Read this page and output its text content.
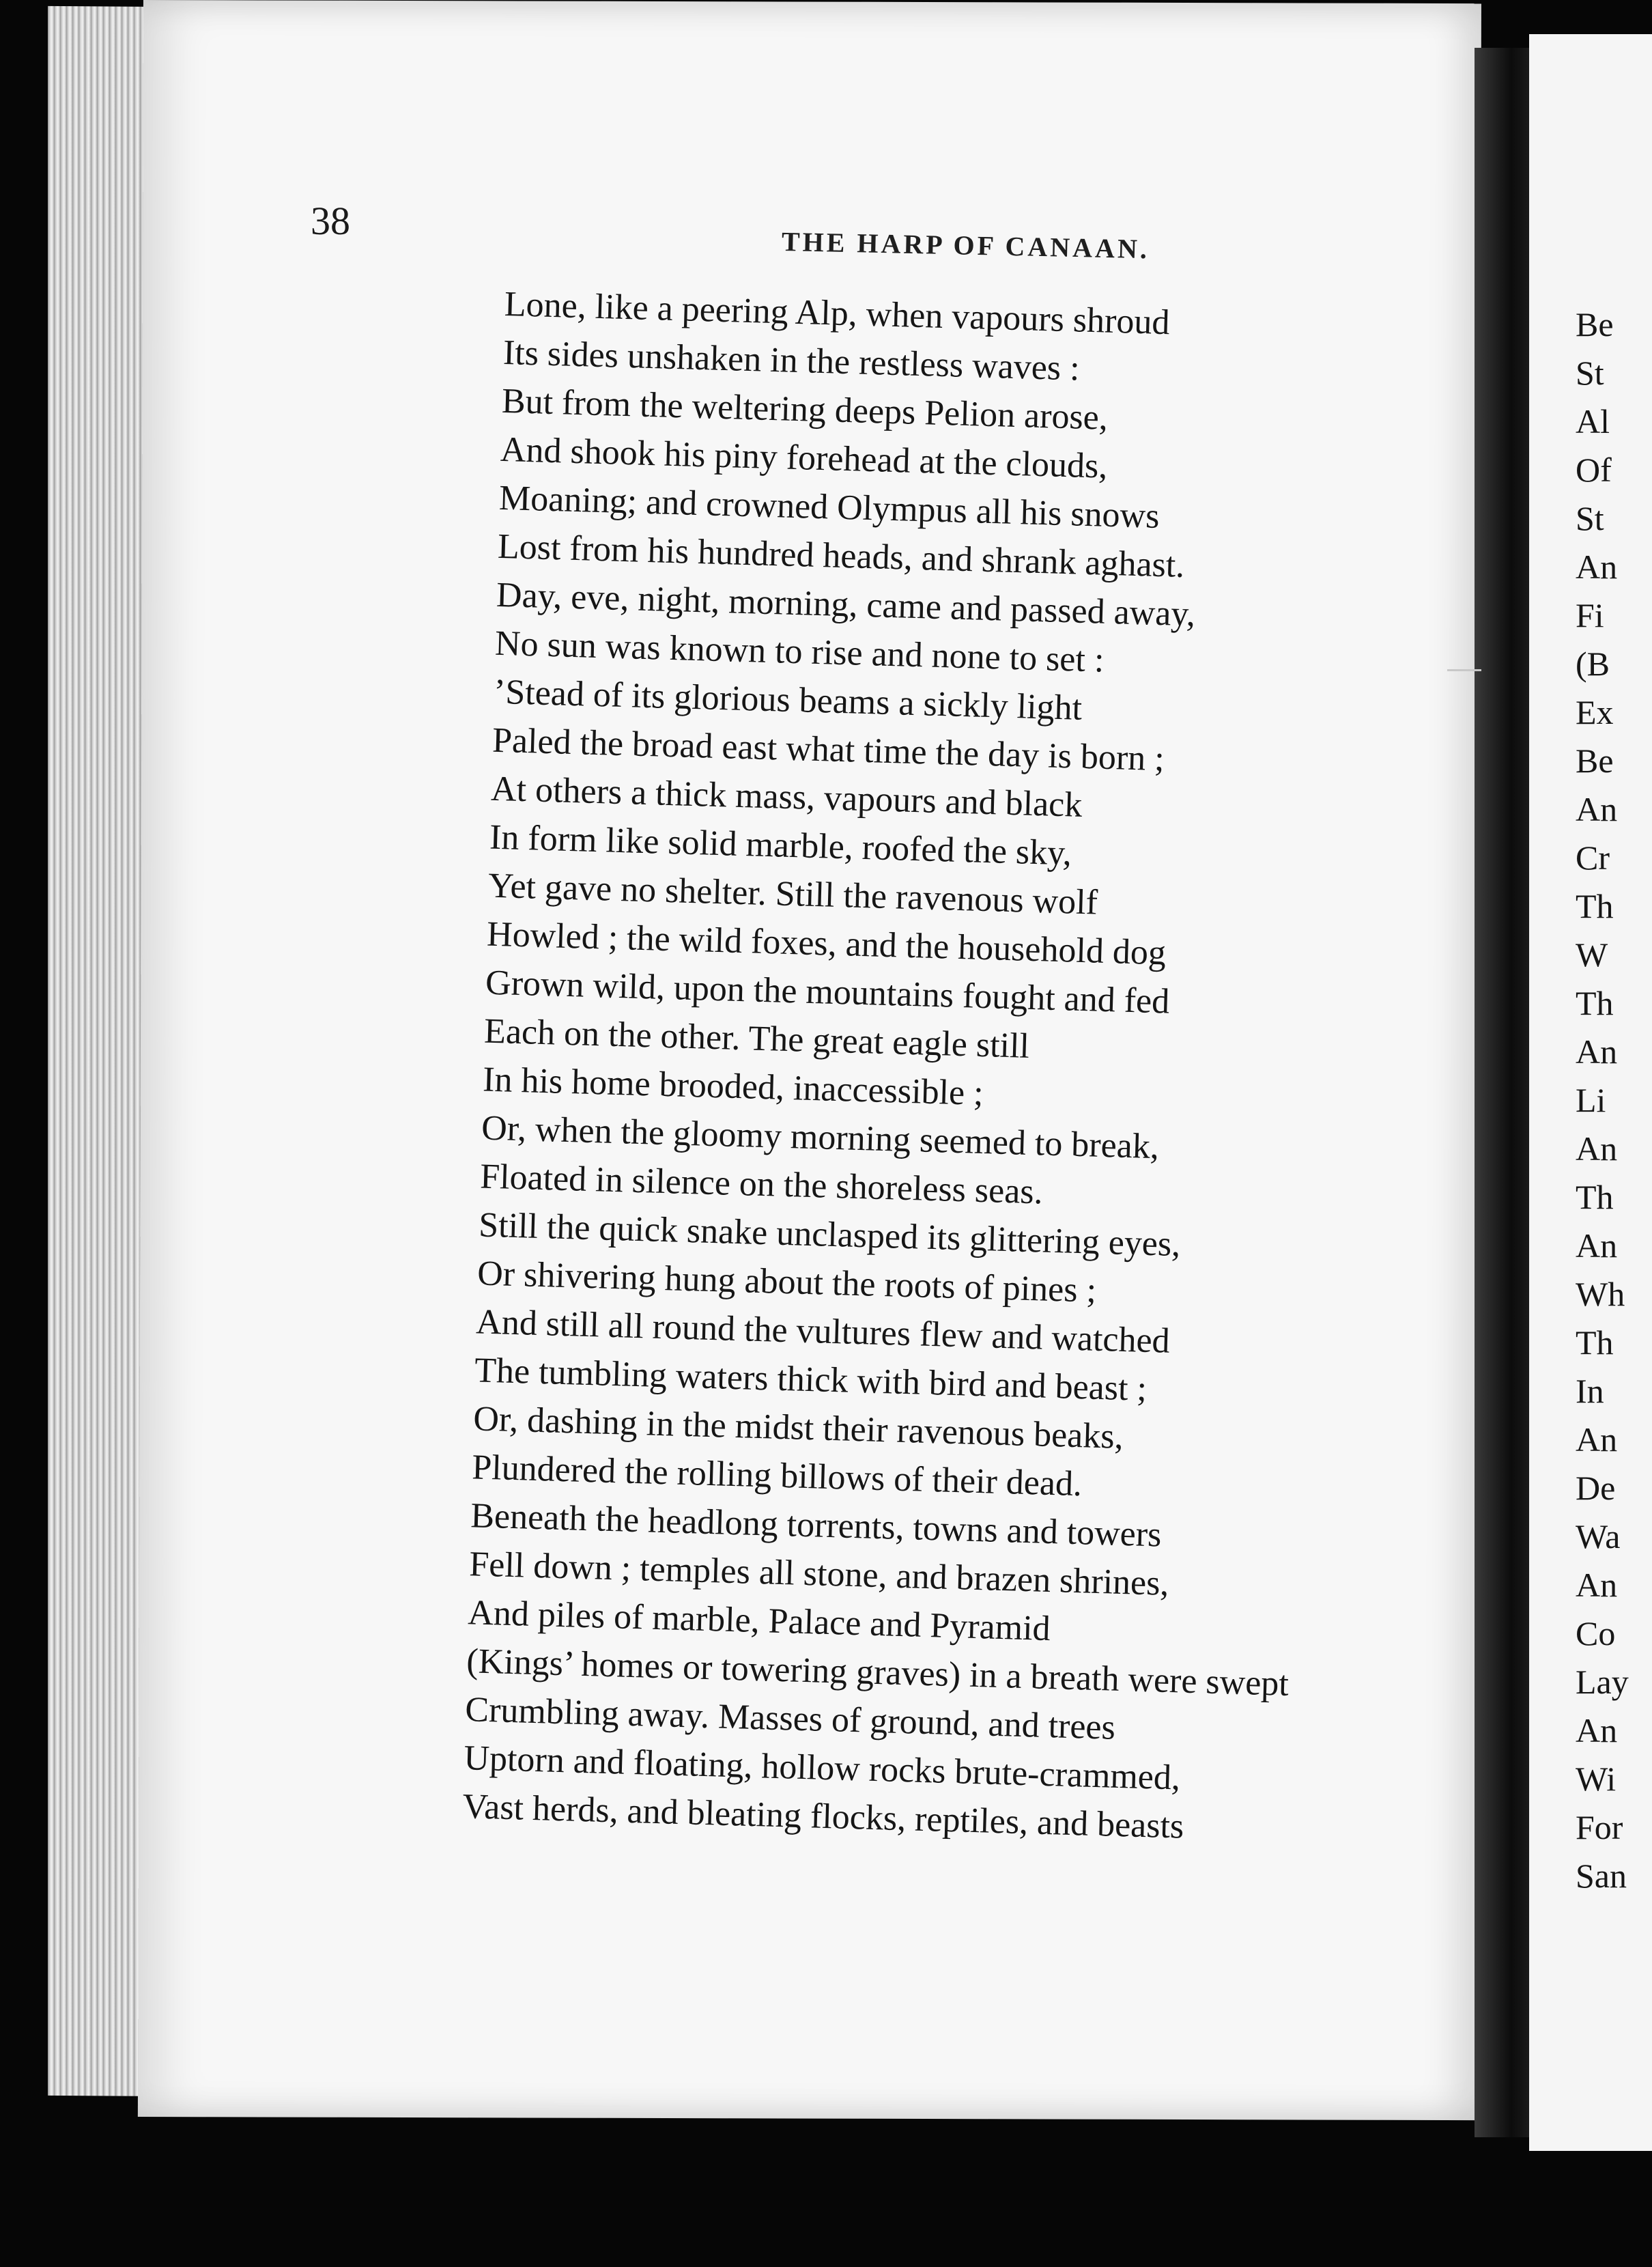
38
THE HARP OF CANAAN.
Lone, like a peering Alp, when vapours shroud
Its sides unshaken in the restless waves :
But from the weltering deeps Pelion arose,
And shook his piny forehead at the clouds,
Moaning; and crowned Olympus all his snows
Lost from his hundred heads, and shrank aghast.
Day, eve, night, morning, came and passed away,
No sun was known to rise and none to set :
’Stead of its glorious beams a sickly light
Paled the broad east what time the day is born ;
At others a thick mass, vapours and black
In form like solid marble, roofed the sky,
Yet gave no shelter. Still the ravenous wolf
Howled ; the wild foxes, and the household dog
Grown wild, upon the mountains fought and fed
Each on the other. The great eagle still
In his home brooded, inaccessible ;
Or, when the gloomy morning seemed to break,
Floated in silence on the shoreless seas.
Still the quick snake unclasped its glittering eyes,
Or shivering hung about the roots of pines ;
And still all round the vultures flew and watched
The tumbling waters thick with bird and beast ;
Or, dashing in the midst their ravenous beaks,
Plundered the rolling billows of their dead.
Beneath the headlong torrents, towns and towers
Fell down ; temples all stone, and brazen shrines,
And piles of marble, Palace and Pyramid
(Kings’ homes or towering graves) in a breath were swept
Crumbling away. Masses of ground, and trees
Uptorn and floating, hollow rocks brute-crammed,
Vast herds, and bleating flocks, reptiles, and beasts
Be
St
Al
Of
St
An
Fi
(B
Ex
Be
An
Cr
Th
W
Th
An
Li
An
Th
An
Wh
Th
In
An
De
Wa
An
Co
Lay
An
Wi
For
San
